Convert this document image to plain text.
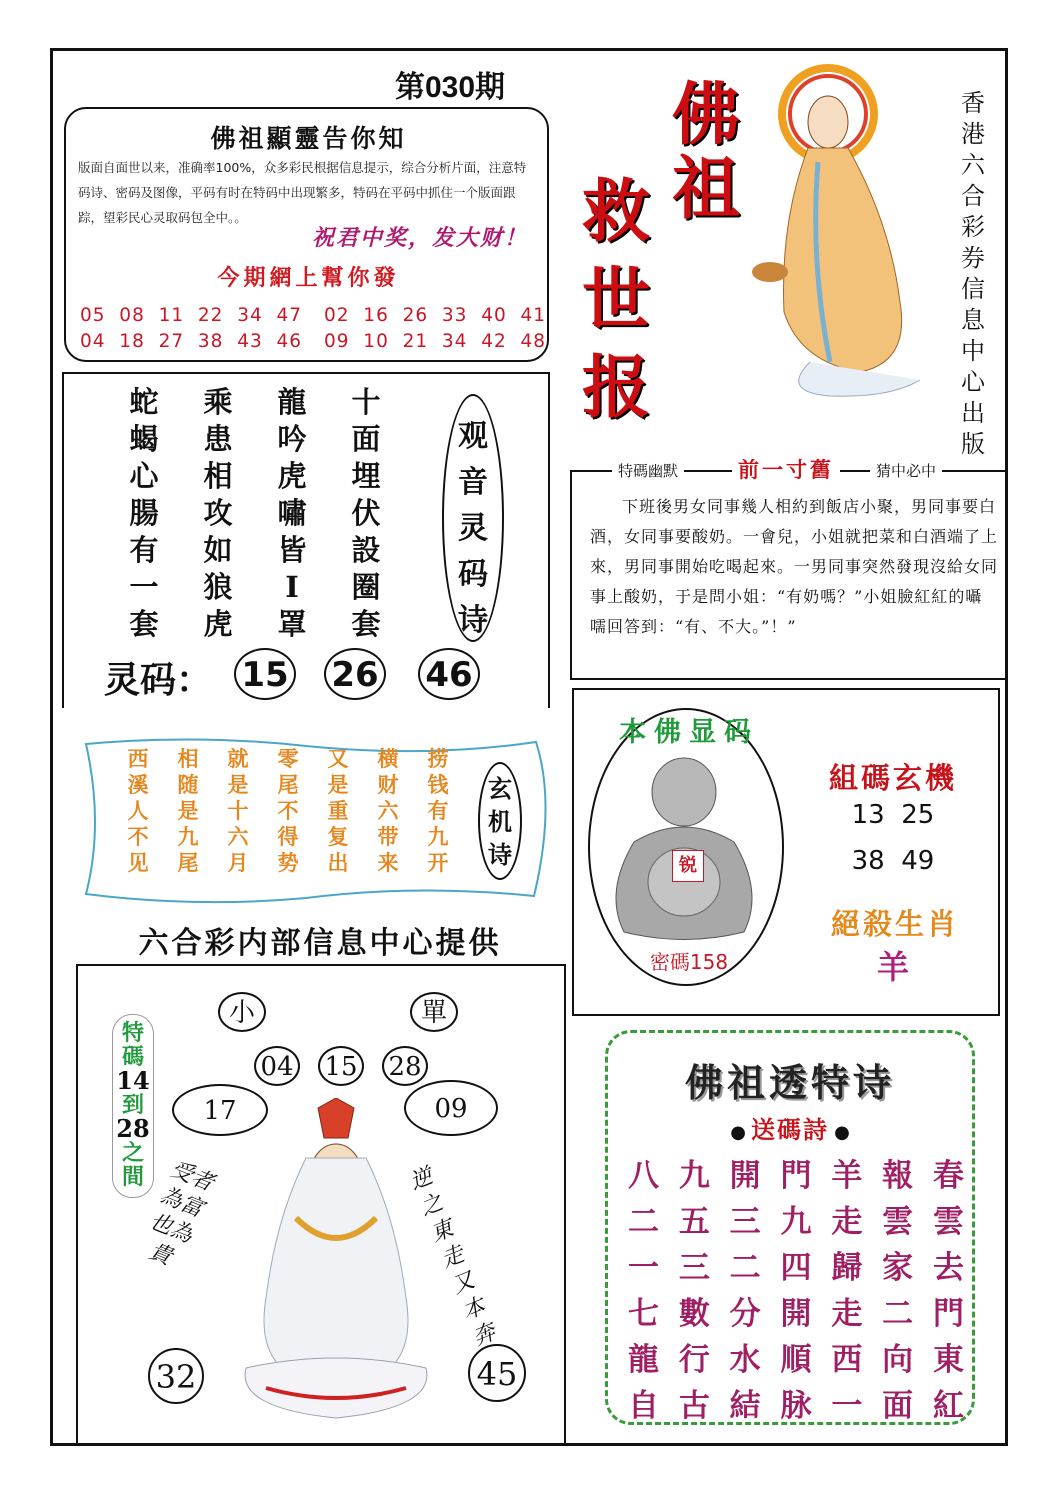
第030期
佛祖顯靈告你知
版面自面世以来，准确率100%，众多彩民根据信息提示，综合分析片面，注意特码诗、密码及图像，平码有时在特码中出现繁多，特码在平码中抓住一个版面跟踪，望彩民心灵取码包全中。。
祝君中奖，发大财！
今期網上幫你發
05  08  11  22  34  47 02  16  26  33  40  41
04  18  27  38  43  46 09  10  21  34  42  48
佛祖
救世报
香港六合彩券信息中心出版
蛇
蝎
心
腸
有
一
套
乘
患
相
攻
如
狼
虎
龍
吟
虎
嘯
皆
Ⅰ
罩
十
面
埋
伏
設
圈
套
观音灵码诗
灵码： 15 26 46
特碼幽默	前一寸舊	猜中必中
下班後男女同事幾人相約到飯店小聚，男同事要白酒，女同事要酸奶。一會兒，小姐就把菜和白酒端了上來，男同事開始吃喝起來。一男同事突然發現沒給女同事上酸奶，于是問小姐：“有奶嗎？”小姐臉紅紅的囁嚅回答到：“有、不大。”！”
西
溪
人
不
见
相
随
是
九
尾
就
是
十
六
月
零
尾
不
得
势
又
是
重
复
出
横
财
六
带
来
捞
钱
有
九
开
玄机诗
本佛显码
锐
密碼158
組碼玄機
13  25
38  49
絕殺生肖
羊
六合彩内部信息中心提供
小	單
04 15 28
17	09
特碼
14
到
28
之間	受者為富也為貴
逆之東走又本奔
32	45
佛祖透特诗
● 送碼詩 ●
八 九 開 門 羊 報 春
二 五 三 九 走 雲 雲
一 三 二 四 歸 家 去
七 數 分 開 走 二 門
龍 行 水 順 西 向 東
自 古 結 脉 一 面 紅
